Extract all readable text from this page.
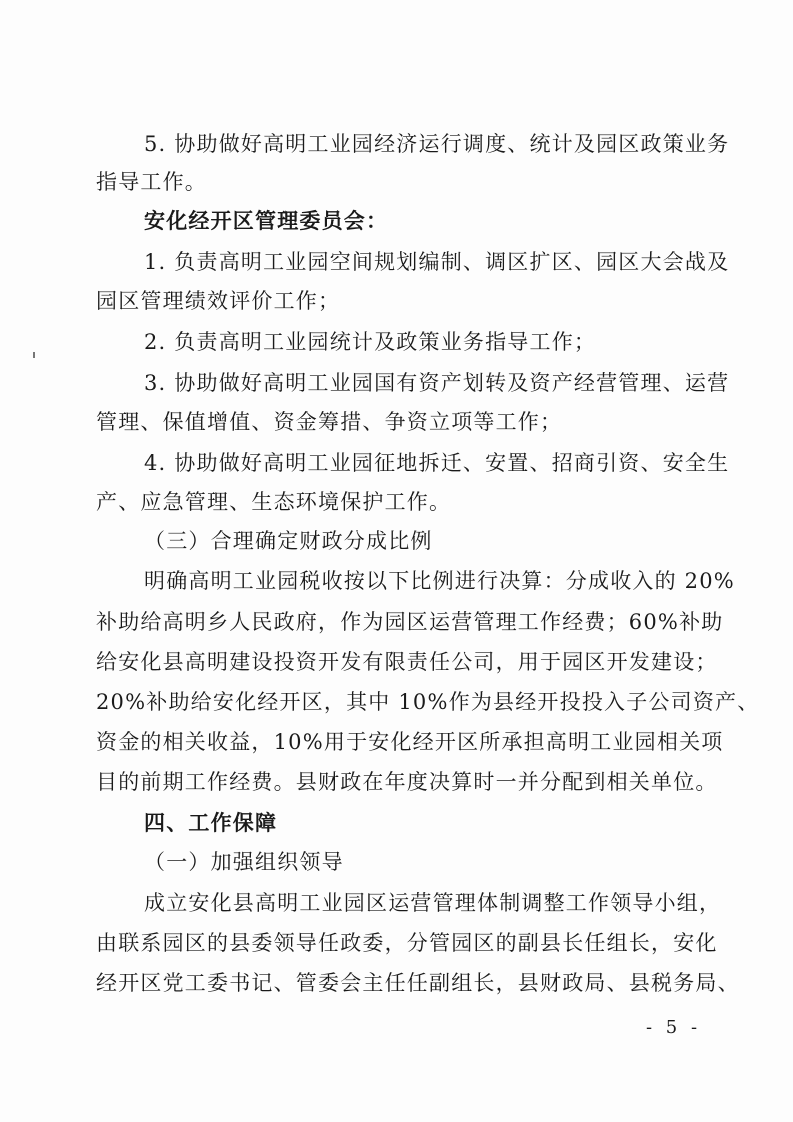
5. 协助做好高明工业园经济运行调度、统计及园区政策业务
指导工作。
安化经开区管理委员会：
1. 负责高明工业园空间规划编制、调区扩区、园区大会战及
园区管理绩效评价工作；
2. 负责高明工业园统计及政策业务指导工作；
3. 协助做好高明工业园国有资产划转及资产经营管理、运营
管理、保值增值、资金筹措、争资立项等工作；
4. 协助做好高明工业园征地拆迁、安置、招商引资、安全生
产、应急管理、生态环境保护工作。
（三）合理确定财政分成比例
明确高明工业园税收按以下比例进行决算：分成收入的 20%
补助给高明乡人民政府，作为园区运营管理工作经费；60%补助
给安化县高明建设投资开发有限责任公司，用于园区开发建设；
20%补助给安化经开区，其中 10%作为县经开投投入子公司资产、
资金的相关收益，10%用于安化经开区所承担高明工业园相关项
目的前期工作经费。县财政在年度决算时一并分配到相关单位。
四、工作保障
（一）加强组织领导
成立安化县高明工业园区运营管理体制调整工作领导小组，
由联系园区的县委领导任政委，分管园区的副县长任组长，安化
经开区党工委书记、管委会主任任副组长，县财政局、县税务局、
- 5 -
